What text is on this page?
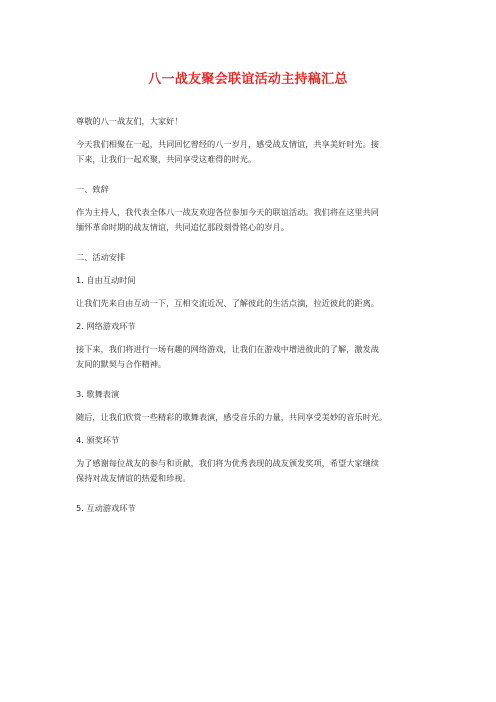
八一战友聚会联谊活动主持稿汇总
尊敬的八一战友们，大家好！
今天我们相聚在一起，共同回忆曾经的八一岁月，感受战友情谊，共享美好时光。接
下来，让我们一起欢聚，共同享受这难得的时光。
一、致辞
作为主持人，我代表全体八一战友欢迎各位参加今天的联谊活动。我们将在这里共同
缅怀革命时期的战友情谊，共同追忆那段刻骨铭心的岁月。
二、活动安排
1. 自由互动时间
让我们先来自由互动一下，互相交流近况、了解彼此的生活点滴，拉近彼此的距离。
2. 网络游戏环节
接下来，我们将进行一场有趣的网络游戏，让我们在游戏中增进彼此的了解，激发战
友间的默契与合作精神。
3. 歌舞表演
随后，让我们欣赏一些精彩的歌舞表演，感受音乐的力量，共同享受美妙的音乐时光。
4. 颁奖环节
为了感谢每位战友的参与和贡献，我们将为优秀表现的战友颁发奖项，希望大家继续
保持对战友情谊的热爱和珍视。
5. 互动游戏环节
